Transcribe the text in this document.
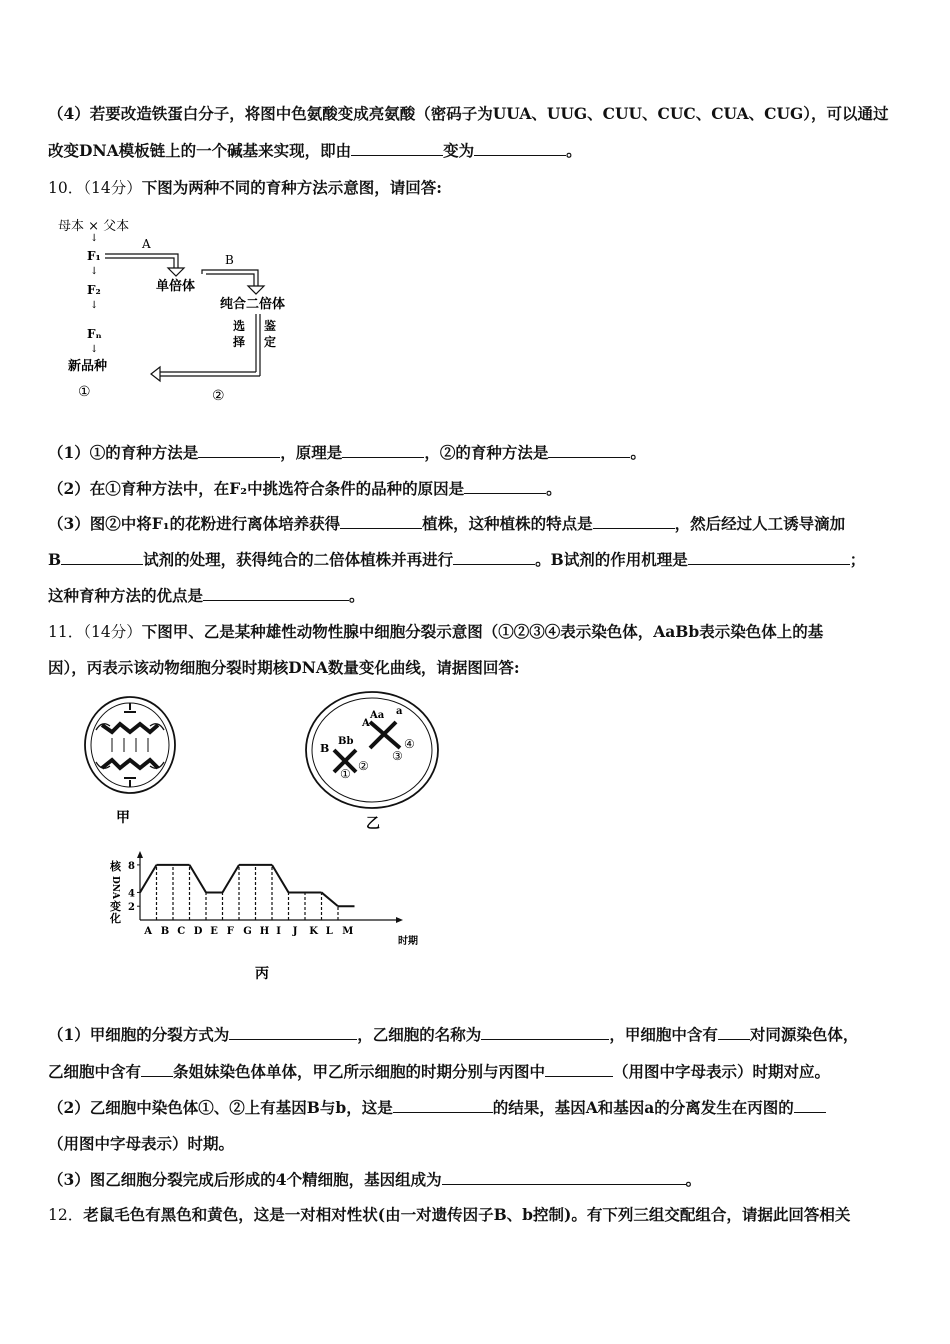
（4）若要改造铁蛋白分子，将图中色氨酸变成亮氨酸（密码子为UUA、UUG、CUU、CUC、CUA、CUG），可以通过
改变DNA模板链上的一个碱基来实现，即由	变为	。
10．（14分）下图为两种不同的育种方法示意图，请回答:
母本 × 父本
↓
F₁
↓
F₂
↓
Fₙ
↓
新品种
①
A
单倍体
B
纯合二倍体
选
择
鉴
定
②
（1）①的育种方法是	，原理是	，②的育种方法是	。
（2）在①育种方法中，在F₂中挑选符合条件的品种的原因是	。
（3）图②中将F₁的花粉进行离体培养获得	植株，这种植株的特点是	，然后经过人工诱导滴加
B	试剂的处理，获得纯合的二倍体植株并再进行	。B试剂的作用机理是	；
这种育种方法的优点是	。
11．（14分）下图甲、乙是某种雄性动物性腺中细胞分裂示意图（①②③④表示染色体，AaBb表示染色体上的基
因），丙表示该动物细胞分裂时期核DNA数量变化曲线，请据图回答:
甲
B
Bb
A
Aa a
①
②
③
④
乙
核
DNA
变
化
时期
2
4
8
A B C D E F G H I J K L M
丙
（1）甲细胞的分裂方式为	，乙细胞的名称为	，甲细胞中含有 对同源染色体，
乙细胞中含有 条姐妹染色体单体，甲乙所示细胞的时期分别与丙图中	（用图中字母表示）时期对应。
（2）乙细胞中染色体①、②上有基因B与b，这是	的结果，基因A和基因a的分离发生在丙图的
（用图中字母表示）时期。
（3）图乙细胞分裂完成后形成的4个精细胞，基因组成为	。
12．老鼠毛色有黑色和黄色，这是一对相对性状(由一对遗传因子B、b控制)。有下列三组交配组合，请据此回答相关
